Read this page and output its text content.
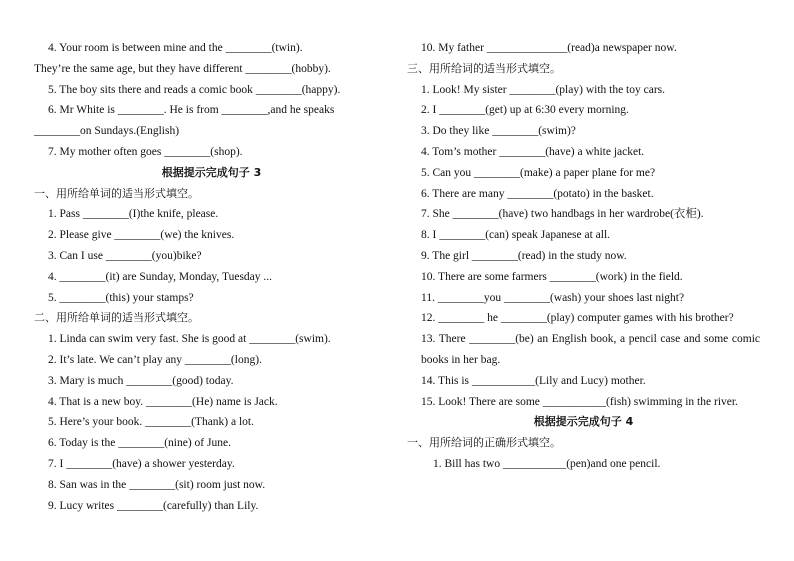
4. Your room is between mine and the ________(twin).
They’re the same age, but they have different ________(hobby).
5. The boy sits there and reads a comic book ________(happy).
6. Mr White is ________. He is from ________,and he speaks
________on Sundays.(English)
7. My mother often goes ________(shop).
根据提示完成句子 3
一、用所给单词的适当形式填空。
1. Pass ________(I)the knife, please.
2. Please give ________(we) the knives.
3. Can I use ________(you)bike?
4. ________(it) are Sunday, Monday, Tuesday ...
5. ________(this) your stamps?
二、用所给单词的适当形式填空。
1. Linda can swim very fast. She is good at ________(swim).
2. It’s late. We can’t play any ________(long).
3. Mary is much ________(good) today.
4. That is a new boy. ________(He) name is Jack.
5. Here’s your book. ________(Thank) a lot.
6. Today is the ________(nine) of June.
7. I ________(have) a shower yesterday.
8. San was in the ________(sit) room just now.
9. Lucy writes ________(carefully) than Lily.
10. My father ______________(read)a newspaper now.
三、用所给词的适当形式填空。
1. Look! My sister ________(play) with the toy cars.
2. I ________(get) up at 6:30 every morning.
3. Do they like ________(swim)?
4. Tom’s mother ________(have) a white jacket.
5. Can you ________(make) a paper plane for me?
6. There are many ________(potato) in the basket.
7. She ________(have) two handbags in her wardrobe(衣柜).
8. I ________(can) speak Japanese at all.
9. The girl ________(read) in the study now.
10. There are some farmers ________(work) in the field.
11. ________you ________(wash) your shoes last night?
12. ________ he ________(play) computer games with his brother?
13. There ________(be) an English book, a pencil case and some comic books in her bag.
14. This is ___________(Lily and Lucy) mother.
15. Look! There are some ___________(fish) swimming in the river.
根据提示完成句子 4
一、用所给词的正确形式填空。
1. Bill has two ___________(pen)and one pencil.
